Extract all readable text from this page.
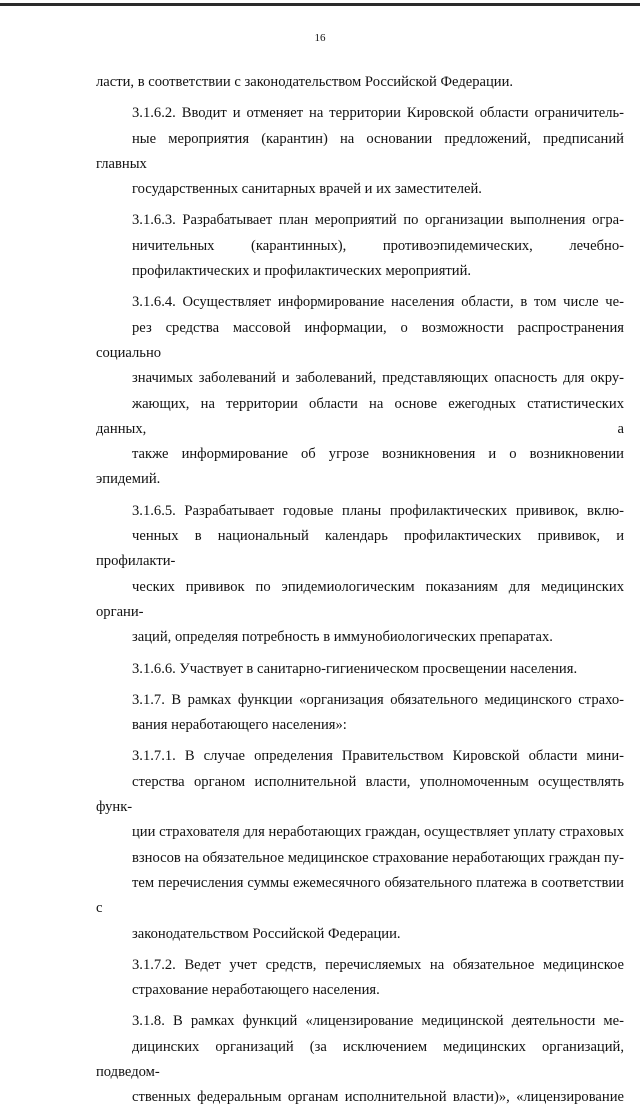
16
ласти, в соответствии с законодательством Российской Федерации.
3.1.6.2. Вводит и отменяет на территории Кировской области ограничитель-
ные мероприятия (карантин) на основании предложений, предписаний главных
государственных санитарных врачей и их заместителей.
3.1.6.3. Разрабатывает план мероприятий по организации выполнения огра-
ничительных (карантинных), противоэпидемических, лечебно-
профилактических и профилактических мероприятий.
3.1.6.4. Осуществляет информирование населения области, в том числе че-
рез средства массовой информации, о возможности распространения социально
значимых заболеваний и заболеваний, представляющих опасность для окру-
жающих, на территории области на основе ежегодных статистических данных, а
также информирование об угрозе возникновения и о возникновении эпидемий.
3.1.6.5. Разрабатывает годовые планы профилактических прививок, вклю-
ченных в национальный календарь профилактических прививок, и профилакти-
ческих прививок по эпидемиологическим показаниям для медицинских органи-
заций, определяя потребность в иммунобиологических препаратах.
3.1.6.6. Участвует в санитарно-гигиеническом просвещении населения.
3.1.7. В рамках функции «организация обязательного медицинского страхо-
вания неработающего населения»:
3.1.7.1. В случае определения Правительством Кировской области мини-
стерства органом исполнительной власти, уполномоченным осуществлять функ-
ции страхователя для неработающих граждан, осуществляет уплату страховых
взносов на обязательное медицинское страхование неработающих граждан пу-
тем перечисления суммы ежемесячного обязательного платежа в соответствии с
законодательством Российской Федерации.
3.1.7.2. Ведет учет средств, перечисляемых на обязательное медицинское
страхование неработающего населения.
3.1.8. В рамках функций «лицензирование медицинской деятельности ме-
дицинских организаций (за исключением медицинских организаций, подведом-
ственных федеральным органам исполнительной власти)», «лицензирование
